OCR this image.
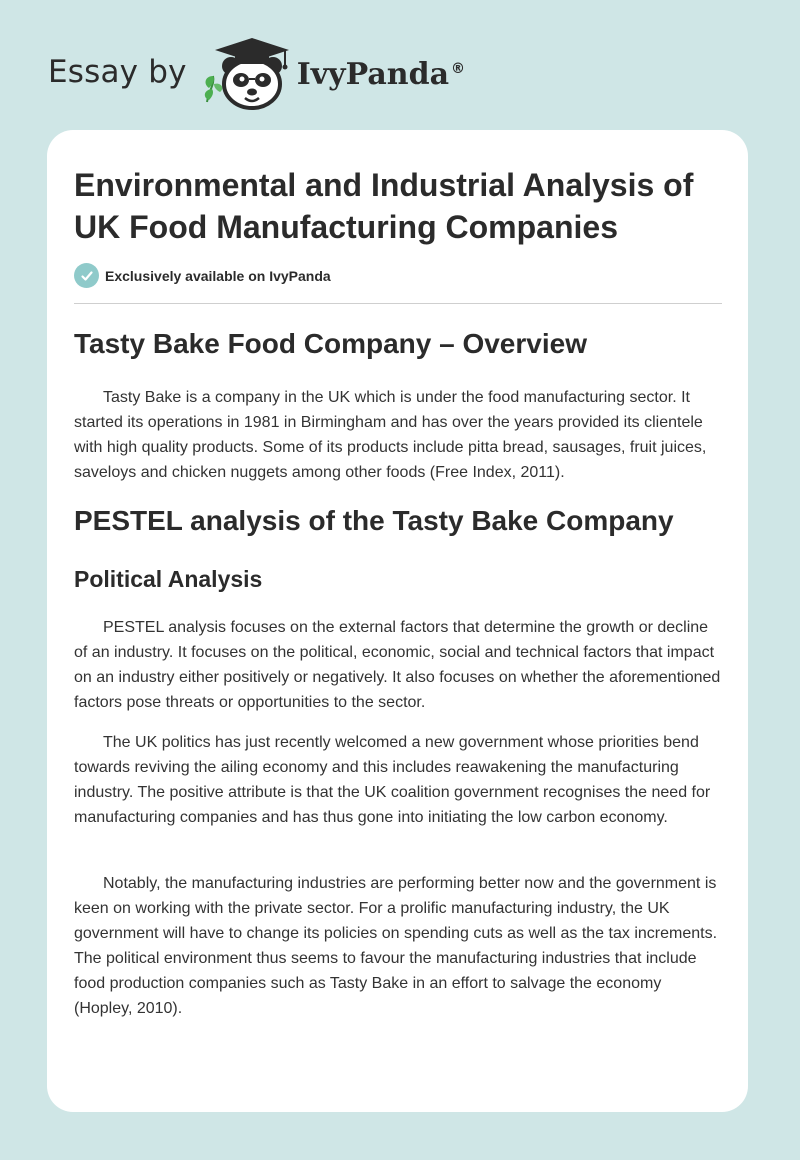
Essay by	IvyPanda ®
Environmental and Industrial Analysis of UK Food Manufacturing Companies
Exclusively available on IvyPanda
Tasty Bake Food Company – Overview

Tasty Bake is a company in the UK which is under the food manufacturing sector. It started its operations in 1981 in Birmingham and has over the years provided its clientele with high quality products. Some of its products include pitta bread, sausages, fruit juices, saveloys and chicken nuggets among other foods (Free Index, 2011).

PESTEL analysis of the Tasty Bake Company
Political Analysis

PESTEL analysis focuses on the external factors that determine the growth or decline of an industry. It focuses on the political, economic, social and technical factors that impact on an industry either positively or negatively. It also focuses on whether the aforementioned factors pose threats or opportunities to the sector.

The UK politics has just recently welcomed a new government whose priorities bend towards reviving the ailing economy and this includes reawakening the manufacturing industry. The positive attribute is that the UK coalition government recognises the need for manufacturing companies and has thus gone into initiating the low carbon economy.

Notably, the manufacturing industries are performing better now and the government is keen on working with the private sector. For a prolific manufacturing industry, the UK government will have to change its policies on spending cuts as well as the tax increments. The political environment thus seems to favour the manufacturing industries that include food production companies such as Tasty Bake in an effort to salvage the economy (Hopley, 2010).
